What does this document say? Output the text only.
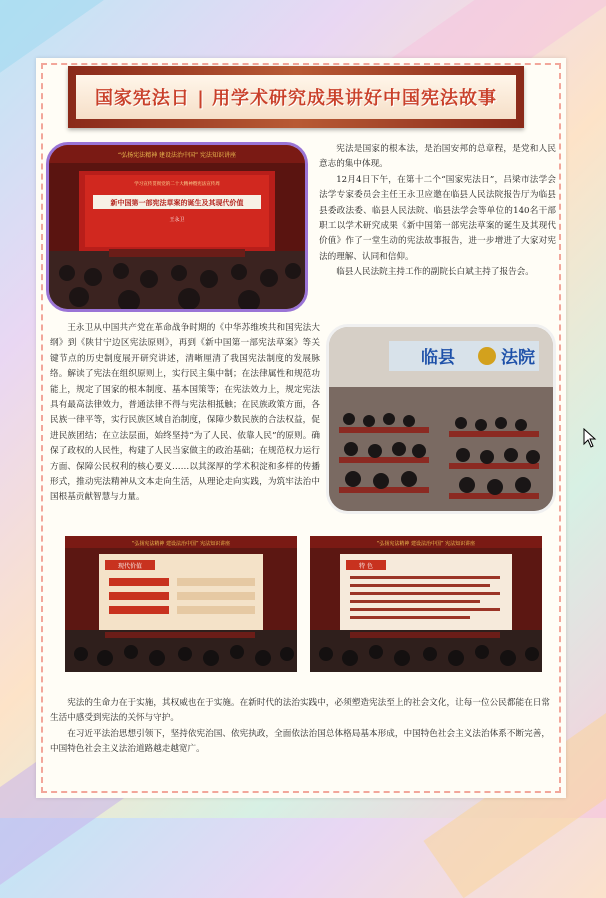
国家宪法日 | 用学术研究成果讲好中国宪法故事
“弘扬宪法精神 建设法治中国” 宪法知识讲座
学习宣传贯彻党的二十大精神暨宪法宣传周
新中国第一部宪法草案的诞生及其现代价值
王永卫

宪法是国家的根本法，是治国安邦的总章程，是党和人民意志的集中体现。

12月4日下午，在第十二个“国家宪法日”，吕梁市法学会法学专家委员会主任王永卫应邀在临县人民法院报告厅为临县县委政法委、临县人民法院、临县法学会等单位的140名干部职工以学术研究成果《新中国第一部宪法草案的诞生及其现代价值》作了一堂生动的宪法故事报告，进一步增进了大家对宪法的理解、认同和信仰。

临县人民法院主持工作的副院长白斌主持了报告会。

王永卫从中国共产党在革命战争时期的《中华苏维埃共和国宪法大纲》到《陕甘宁边区宪法原则》，再到《新中国第一部宪法草案》等关键节点的历史制度展开研究讲述，清晰厘清了我国宪法制度的发展脉络。解读了宪法在组织原则上，实行民主集中制；在法律属性和规范功能上，规定了国家的根本制度、基本国策等；在宪法效力上，规定宪法具有最高法律效力，普通法律不得与宪法相抵触；在民族政策方面，各民族一律平等，实行民族区域自治制度，保障少数民族的合法权益，促进民族团结；在立法层面，始终坚持“为了人民、依靠人民”的原则。确保了政权的人民性，构建了人民当家做主的政治基础；在规范权力运行方面、保障公民权利的核心要义……以其深厚的学术积淀和多样的传播形式，推动宪法精神从文本走向生活，从理论走向实践，为筑牢法治中国根基贡献智慧与力量。

临县	法院
“弘扬宪法精神 建设法治中国” 宪法知识讲座
现代价值
“弘扬宪法精神 建设法治中国” 宪法知识讲座
特 色

宪法的生命力在于实施，其权威也在于实施。在新时代的法治实践中，必须塑造宪法至上的社会文化，让每一位公民都能在日常生活中感受到宪法的关怀与守护。

在习近平法治思想引领下，坚持依宪治国、依宪执政，全面依法治国总体格局基本形成，中国特色社会主义法治体系不断完善，中国特色社会主义法治道路越走越宽广。
